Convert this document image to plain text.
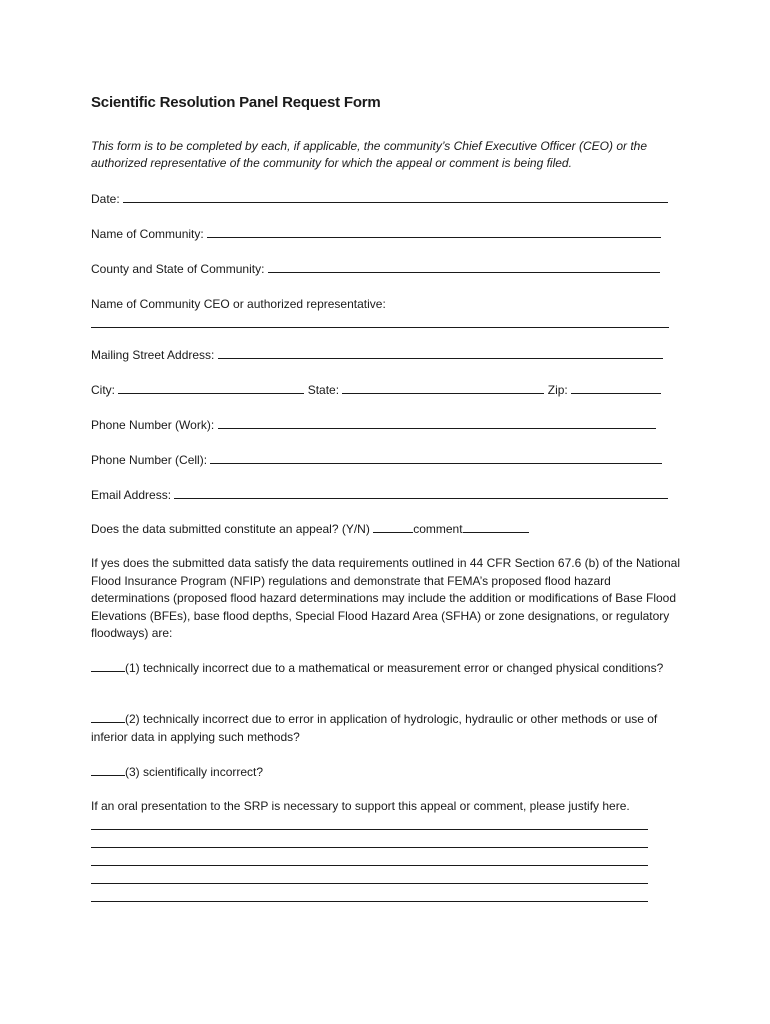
Scientific Resolution Panel Request Form
This form is to be completed by each, if applicable, the community’s Chief Executive Officer (CEO) or the authorized representative of the community for which the appeal or comment is being filed.
Date:
Name of Community:
County and State of Community:
Name of Community CEO or authorized representative:
Mailing Street Address:
City:	State:	Zip:
Phone Number (Work):
Phone Number (Cell):
Email Address:
Does the data submitted constitute an appeal? (Y/N)	comment
If yes does the submitted data satisfy the data requirements outlined in 44 CFR Section 67.6 (b) of the National Flood Insurance Program (NFIP) regulations and demonstrate that FEMA’s proposed flood hazard determinations (proposed flood hazard determinations may include the addition or modifications of Base Flood Elevations (BFEs), base flood depths, Special Flood Hazard Area (SFHA) or zone designations, or regulatory floodways) are:
(1) technically incorrect due to a mathematical or measurement error or changed physical conditions?
(2) technically incorrect due to error in application of hydrologic, hydraulic or other methods or use of inferior data in applying such methods?
(3) scientifically incorrect?
If an oral presentation to the SRP is necessary to support this appeal or comment, please justify here.
